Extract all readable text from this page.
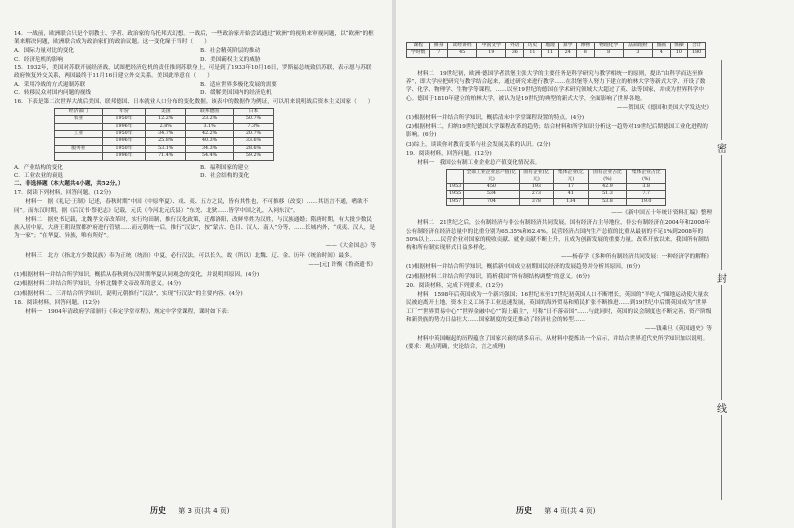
14．一战前，欧洲联合只是个别教士、学者、政治家的乌托邦式幻想。一战后，一些政治家开始尝试通过“欧洲”的视角来审视问题，以“欧洲”的框架来解决问题，欧洲联合成为政治家们的政治议题。这一变化缘于当时（　　）

A．国际力量对比的变化	B．社会精英阶层的推动
C．经济危机的影响	D．美国霸权主义的威胁

15．1932年，美国对苏联开展经济战，试图把经济危机的责任推到苏联身上，可是到了1933年10月16日，罗斯福总统致信苏联，表示愿与苏联政府恢复外交关系，两国最终于11月16日建立外交关系。美国此举意在（　　）

A．采用冷战的方式遏制苏联	B．适应世界多极化发展的需要
C．转移民众对国内问题的视线	D．缓解美国国内的经济危机

16．下表是第二次世界大战后美国、联邦德国、日本就业人口分布的变化数据。该表中的数据作为例证，可以用来说明战后资本主义国家（　　）

经济部门	年份	美国	联邦德国	日本
农业	1950年	12.2%	23.2%	50.7%
	1996年	2.8%	3.1%	7.3%
工业	1950年	34.7%	42.2%	20.7%
	1996年	25.8%	40.3%	33.6%
服务业	1950年	53.1%	34.3%	28.6%
	1996年	71.4%	54.4%	59.2%
A．产业结构的变化	B．福利国家的建立
C．工业农业的衰退	D．社会结构的变化

二、非选择题（本大题共4小题，共52分。）

17．阅读下列材料，回答问题。(12分)

材料一　据《礼记·王制》记述，春秋时期“中国（中原华夏）、戎、夷、五方之民，皆有其性也，不可推移（改变）……其语言不通，嗜欲不同”。而东汉时期，据《后汉书·祭祀志》记载，元氏（今河北元氏县）“东羌、北狄……皆学中国之礼，入祠东汉”。

材料二　据史书记载，北魏孝文帝改革时，实行均田制，推行汉化政策，迁都洛阳，改鲜卑姓为汉姓，与汉族通婚；隋唐时期，有大批少数民族入居中原，大唐王朝设置都护府进行管辖……而元朝统一后，推行“汉法”，按“蒙古、色目、汉人、南人”分等，……长城内外，“戎夷、汉人，是为一家”；“在华夏、异族，唯有所好”。

——《大金国志》等

材料三　北方（指北方少数民族）奉为正统（统治）中夏，必行汉法，可以长久，故（所以）北魏、辽、金、历年（统治时间）最多。

——[元] 许衡《鲁斋遗书》

(1)根据材料一并结合所学知识，概括从春秋到东汉时期华夏认同观念的变化，并说明其原因。(4分)

(2)根据材料二并结合所学知识，分析北魏孝文帝改革的意义。(4分)

(3)根据材料二、三并结合所学知识，说明元朝推行“汉法”，实现“行汉法”的主要内容。(4分)

18．阅读材料，回答问题。(12分)

材料一　1904年清政府学部颁行《奏定学堂章程》，规定中学堂课程，课时如下表：

历史 第 3 页(共 4 页)
课程	修身	读经讲经	中国文学	外语	历史	地理	算学	博物	物理化学	法制理财	图画	体操	合计
学时数	7	45	19	36	11	11	24	8	8	3	4	10	180

材料二　19世纪初，欧洲·德国学者洪堡主张大学的主要任务是科学研究与教学相统一的原则，提出“由科学而达至修养”，即大学应把研究与教学结合起来，通过研究来进行教学……在洪堡等人努力下建立的柏林大学等新式大学，开设了数学、化学、物理学、生物学等课程，……以至19世纪的德国在学术研究领域大大超过了英、法等国家，并成为世界科学中心。德国于1810年建立的柏林大学，被认为是19世纪的典型的新式大学，全面影响了世界各地。

——贺国庆《德国和美国大学发达史》

(1)根据材料一并结合所学知识，概括清末中学堂课程设置的特点。(4分)

(2)根据材料二，归纳19世纪德国大学课程改革的趋势；结合材料和所学知识分析这一趋势对19世纪后期德国工业化进程的影响。(6分)

(3)综上，谈谈你对教育变革与社会发展关系的认识。(2分)

19．阅读材料，回答问题。(12分)

材料一　我国公有制工业企业总产值变化情况表。

	全部工业企业总产值(亿元)	国有企业(亿元)	集体企业(亿元)	国有企业占比(%)	集体企业占比(%)
1953	450	193	17	42.9	3.8
1955	534	273	41	51.3	7.7
1957	704	378	134	53.8	19.0

——《新中国五十年统计资料汇编》整理

材料二　21世纪之后，公有制经济与非公有制经济共同发展，国有经济占主导地位，非公有制经济在2004年和2008年公有制经济在经济总量中的比重分别为65.35%和62.4%。民营经济占国内生产总值的比重从最初的不足1%到2008年的50%以上……民营企业对国家的税收贡献、就业贡献不断上升，且成为创新发展的重要力量。改革开放以来，我国所有制结构和所有制实现形式日益多样化。

——杨春学《多种所有制经济共同发展：一种经济学的解释》

(1)根据材料一并结合所学知识，概括新中国成立初期国民经济的发展趋势并分析其原因。(6分)

(2)根据材料二并结合所学知识，简析我国“所有制结构调整”的意义。(6分)

20．阅读材料，完成下列要求。(12分)

材料　1598年后英国成为一个新兴强国；16世纪末至17世纪初英国人口不断增长，英国的“羊吃人”圈地运动使大量农民被迫离开土地，资本主义工场手工业迅速发展，英国的海外贸易和殖民扩张不断推进……到19世纪中后期英国成为“世界工厂”“世界贸易中心”“世界金融中心”“海上霸主”，号称“日不落帝国”……与此同时，英国的议会制度也不断完善，资产阶级和新贵族的势力日益壮大……国家制度的变迁推动了经济社会的转型……

——钱乘旦《英国通史》等

材料中英国崛起的历程蕴含了国家兴衰的诸多启示。从材料中提炼出一个启示，并结合世界近代史所学知识加以说明。(要求：观点明确，史论结合，言之成理)

密
封
线
历史 第 4 页(共 4 页)
